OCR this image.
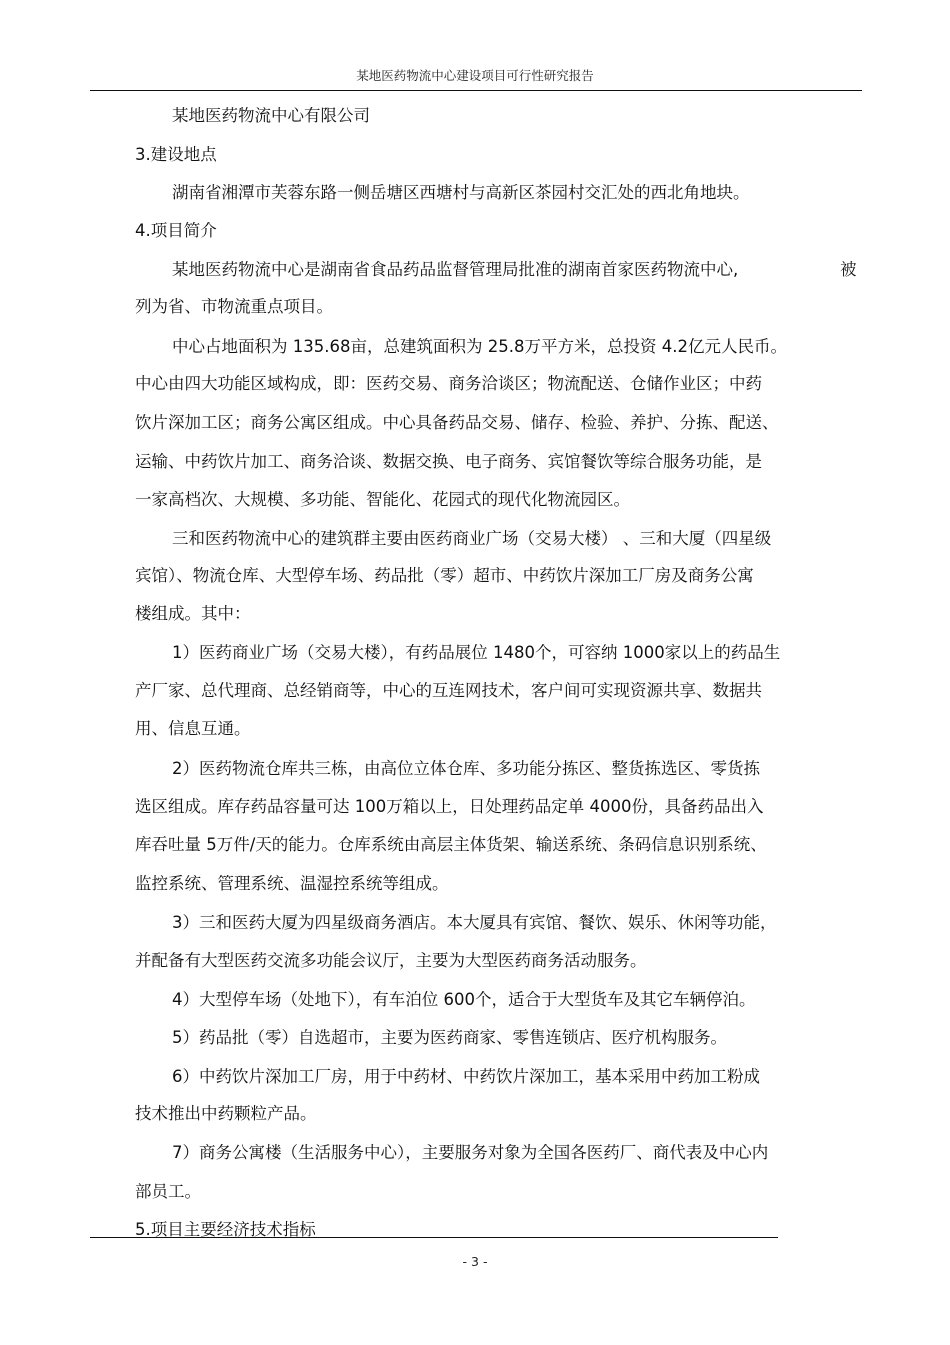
某地医药物流中心建设项目可行性研究报告
某地医药物流中心有限公司
3.建设地点
湖南省湘潭市芙蓉东路一侧岳塘区西塘村与高新区茶园村交汇处的西北角地块。
4.项目简介
某地医药物流中心是湖南省食品药品监督管理局批准的湖南首家医药物流中心,	被
列为省、市物流重点项目。
中心占地面积为 135.68亩，总建筑面积为 25.8万平方米，总投资 4.2亿元人民币。
中心由四大功能区域构成，即：医药交易、商务洽谈区；物流配送、仓储作业区；中药
饮片深加工区；商务公寓区组成。中心具备药品交易、储存、检验、养护、分拣、配送、
运输、中药饮片加工、商务洽谈、数据交换、电子商务、宾馆餐饮等综合服务功能，是
一家高档次、大规模、多功能、智能化、花园式的现代化物流园区。
三和医药物流中心的建筑群主要由医药商业广场（交易大楼） 、三和大厦（四星级
宾馆）、物流仓库、大型停车场、药品批（零）超市、中药饮片深加工厂房及商务公寓
楼组成。其中：
1）医药商业广场（交易大楼），有药品展位 1480个，可容纳 1000家以上的药品生
产厂家、总代理商、总经销商等，中心的互连网技术，客户间可实现资源共享、数据共
用、信息互通。
2）医药物流仓库共三栋，由高位立体仓库、多功能分拣区、整货拣选区、零货拣
选区组成。库存药品容量可达 100万箱以上，日处理药品定单 4000份，具备药品出入
库吞吐量 5万件/天的能力。仓库系统由高层主体货架、输送系统、条码信息识别系统、
监控系统、管理系统、温湿控系统等组成。
3）三和医药大厦为四星级商务酒店。本大厦具有宾馆、餐饮、娱乐、休闲等功能，
并配备有大型医药交流多功能会议厅，主要为大型医药商务活动服务。
4）大型停车场（处地下），有车泊位 600个，适合于大型货车及其它车辆停泊。
5）药品批（零）自选超市，主要为医药商家、零售连锁店、医疗机构服务。
6）中药饮片深加工厂房，用于中药材、中药饮片深加工，基本采用中药加工粉成
技术推出中药颗粒产品。
7）商务公寓楼（生活服务中心），主要服务对象为全国各医药厂、商代表及中心内
部员工。
5.项目主要经济技术指标
- 3 -
